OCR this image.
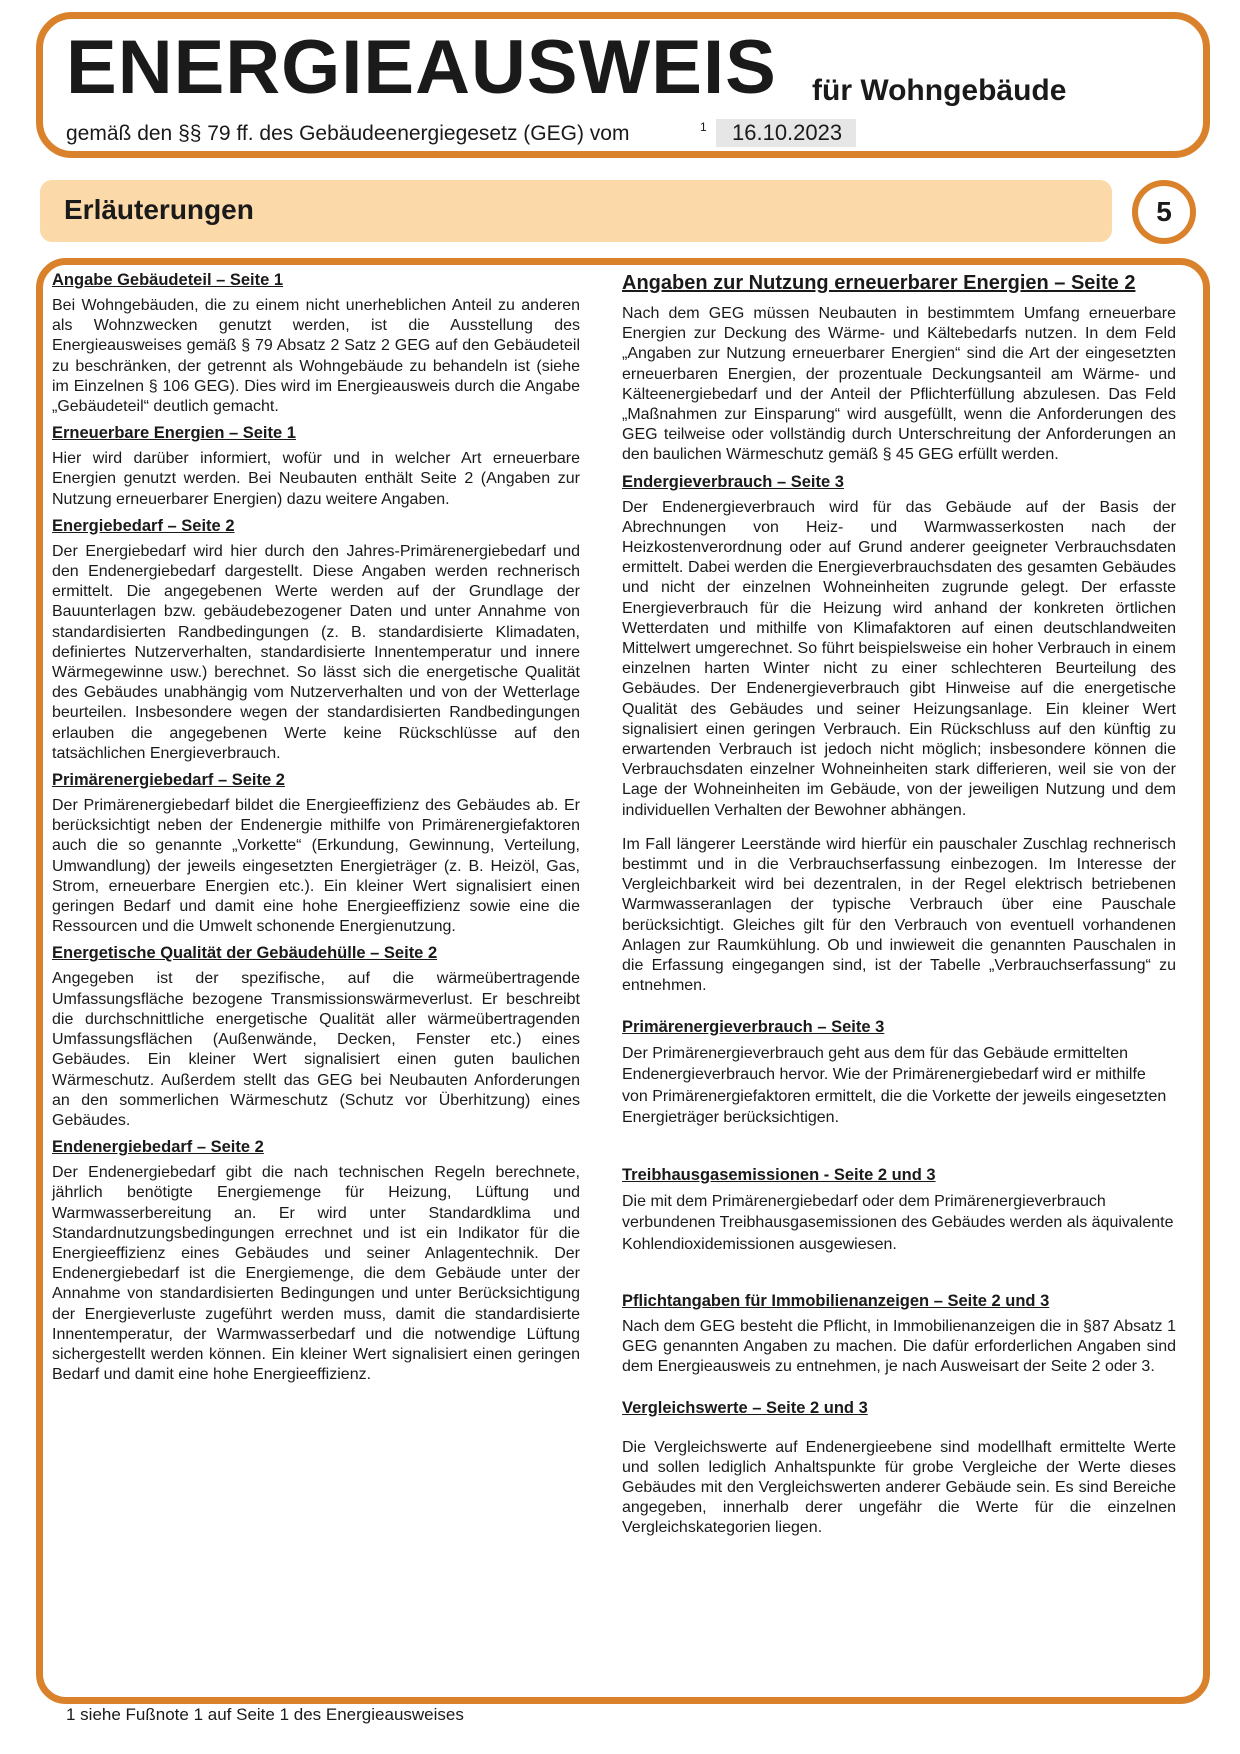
ENERGIEAUSWEIS für Wohngebäude
gemäß den §§ 79 ff. des Gebäudeenergiegesetz (GEG) vom	1	16.10.2023
Erläuterungen	5
Angabe Gebäudeteil – Seite 1
Bei Wohngebäuden, die zu einem nicht unerheblichen Anteil zu anderen als Wohnzwecken genutzt werden, ist die Ausstellung des Energieausweises gemäß § 79 Absatz 2 Satz 2 GEG auf den Gebäudeteil zu beschränken, der getrennt als Wohngebäude zu behandeln ist (siehe im Einzelnen § 106 GEG). Dies wird im Energieausweis durch die Angabe „Gebäudeteil“ deutlich gemacht.
Erneuerbare Energien – Seite 1
Hier wird darüber informiert, wofür und in welcher Art erneuerbare Energien genutzt werden. Bei Neubauten enthält Seite 2 (Angaben zur Nutzung erneuerbarer Energien) dazu weitere Angaben.
Energiebedarf – Seite 2
Der Energiebedarf wird hier durch den Jahres-Primärenergiebedarf und den Endenergiebedarf dargestellt. Diese Angaben werden rechnerisch ermittelt. Die angegebenen Werte werden auf der Grundlage der Bauunterlagen bzw. gebäudebezogener Daten und unter Annahme von standardisierten Randbedingungen (z. B. standardisierte Klimadaten, definiertes Nutzerverhalten, standardisierte Innentemperatur und innere Wärmegewinne usw.) berechnet. So lässt sich die energetische Qualität des Gebäudes unabhängig vom Nutzerverhalten und von der Wetterlage beurteilen. Insbesondere wegen der standardisierten Randbedingungen erlauben die angegebenen Werte keine Rückschlüsse auf den tatsächlichen Energieverbrauch.
Primärenergiebedarf – Seite 2
Der Primärenergiebedarf bildet die Energieeffizienz des Gebäudes ab. Er berücksichtigt neben der Endenergie mithilfe von Primärenergiefaktoren auch die so genannte „Vorkette“ (Erkundung, Gewinnung, Verteilung, Umwandlung) der jeweils eingesetzten Energieträger (z. B. Heizöl, Gas, Strom, erneuerbare Energien etc.). Ein kleiner Wert signalisiert einen geringen Bedarf und damit eine hohe Energieeffizienz sowie eine die Ressourcen und die Umwelt schonende Energienutzung.
Energetische Qualität der Gebäudehülle – Seite 2
Angegeben ist der spezifische, auf die wärmeübertragende Umfassungsfläche bezogene Transmissionswärmeverlust. Er beschreibt die durchschnittliche energetische Qualität aller wärmeübertragenden Umfassungsflächen (Außenwände, Decken, Fenster etc.) eines Gebäudes. Ein kleiner Wert signalisiert einen guten baulichen Wärmeschutz. Außerdem stellt das GEG bei Neubauten Anforderungen an den sommerlichen Wärmeschutz (Schutz vor Überhitzung) eines Gebäudes.
Endenergiebedarf – Seite 2
Der Endenergiebedarf gibt die nach technischen Regeln berechnete, jährlich benötigte Energiemenge für Heizung, Lüftung und Warmwasserbereitung an. Er wird unter Standardklima und Standardnutzungsbedingungen errechnet und ist ein Indikator für die Energieeffizienz eines Gebäudes und seiner Anlagentechnik. Der Endenergiebedarf ist die Energiemenge, die dem Gebäude unter der Annahme von standardisierten Bedingungen und unter Berücksichtigung der Energieverluste zugeführt werden muss, damit die standardisierte Innentemperatur, der Warmwasserbedarf und die notwendige Lüftung sichergestellt werden können. Ein kleiner Wert signalisiert einen geringen Bedarf und damit eine hohe Energieeffizienz.
Angaben zur Nutzung erneuerbarer Energien – Seite 2
Nach dem GEG müssen Neubauten in bestimmtem Umfang erneuerbare Energien zur Deckung des Wärme- und Kältebedarfs nutzen. In dem Feld „Angaben zur Nutzung erneuerbarer Energien“ sind die Art der eingesetzten erneuerbaren Energien, der prozentuale Deckungsanteil am Wärme- und Kälteenergiebedarf und der Anteil der Pflichterfüllung abzulesen. Das Feld „Maßnahmen zur Einsparung“ wird ausgefüllt, wenn die Anforderungen des GEG teilweise oder vollständig durch Unterschreitung der Anforderungen an den baulichen Wärmeschutz gemäß § 45 GEG erfüllt werden.
Endergieverbrauch – Seite 3
Der Endenergieverbrauch wird für das Gebäude auf der Basis der Abrechnungen von Heiz- und Warmwasserkosten nach der Heizkostenverordnung oder auf Grund anderer geeigneter Verbrauchsdaten ermittelt. Dabei werden die Energieverbrauchsdaten des gesamten Gebäudes und nicht der einzelnen Wohneinheiten zugrunde gelegt. Der erfasste Energieverbrauch für die Heizung wird anhand der konkreten örtlichen Wetterdaten und mithilfe von Klimafaktoren auf einen deutschlandweiten Mittelwert umgerechnet. So führt beispielsweise ein hoher Verbrauch in einem einzelnen harten Winter nicht zu einer schlechteren Beurteilung des Gebäudes. Der Endenergieverbrauch gibt Hinweise auf die energetische Qualität des Gebäudes und seiner Heizungsanlage. Ein kleiner Wert signalisiert einen geringen Verbrauch. Ein Rückschluss auf den künftig zu erwartenden Verbrauch ist jedoch nicht möglich; insbesondere können die Verbrauchsdaten einzelner Wohneinheiten stark differieren, weil sie von der Lage der Wohneinheiten im Gebäude, von der jeweiligen Nutzung und dem individuellen Verhalten der Bewohner abhängen.
Im Fall längerer Leerstände wird hierfür ein pauschaler Zuschlag rechnerisch bestimmt und in die Verbrauchserfassung einbezogen. Im Interesse der Vergleichbarkeit wird bei dezentralen, in der Regel elektrisch betriebenen Warmwasseranlagen der typische Verbrauch über eine Pauschale berücksichtigt. Gleiches gilt für den Verbrauch von eventuell vorhandenen Anlagen zur Raumkühlung. Ob und inwieweit die genannten Pauschalen in die Erfassung eingegangen sind, ist der Tabelle „Verbrauchserfassung“ zu entnehmen.
Primärenergieverbrauch – Seite 3
Der Primärenergieverbrauch geht aus dem für das Gebäude ermittelten Endenergieverbrauch hervor. Wie der Primärenergiebedarf wird er mithilfe von Primärenergiefaktoren ermittelt, die die Vorkette der jeweils eingesetzten Energieträger berücksichtigen.
Treibhausgasemissionen - Seite 2 und 3
Die mit dem Primärenergiebedarf oder dem Primärenergieverbrauch verbundenen Treibhausgasemissionen des Gebäudes werden als äquivalente Kohlendioxidemissionen ausgewiesen.
Pflichtangaben für Immobilienanzeigen – Seite 2 und 3
Nach dem GEG besteht die Pflicht, in Immobilienanzeigen die in §87 Absatz 1 GEG genannten Angaben zu machen. Die dafür erforderlichen Angaben sind dem Energieausweis zu entnehmen, je nach Ausweisart der Seite 2 oder 3.
Vergleichswerte – Seite 2 und 3
Die Vergleichswerte auf Endenergieebene sind modellhaft ermittelte Werte und sollen lediglich Anhaltspunkte für grobe Vergleiche der Werte dieses Gebäudes mit den Vergleichswerten anderer Gebäude sein. Es sind Bereiche angegeben, innerhalb derer ungefähr die Werte für die einzelnen Vergleichskategorien liegen.
1 siehe Fußnote 1 auf Seite 1 des Energieausweises
